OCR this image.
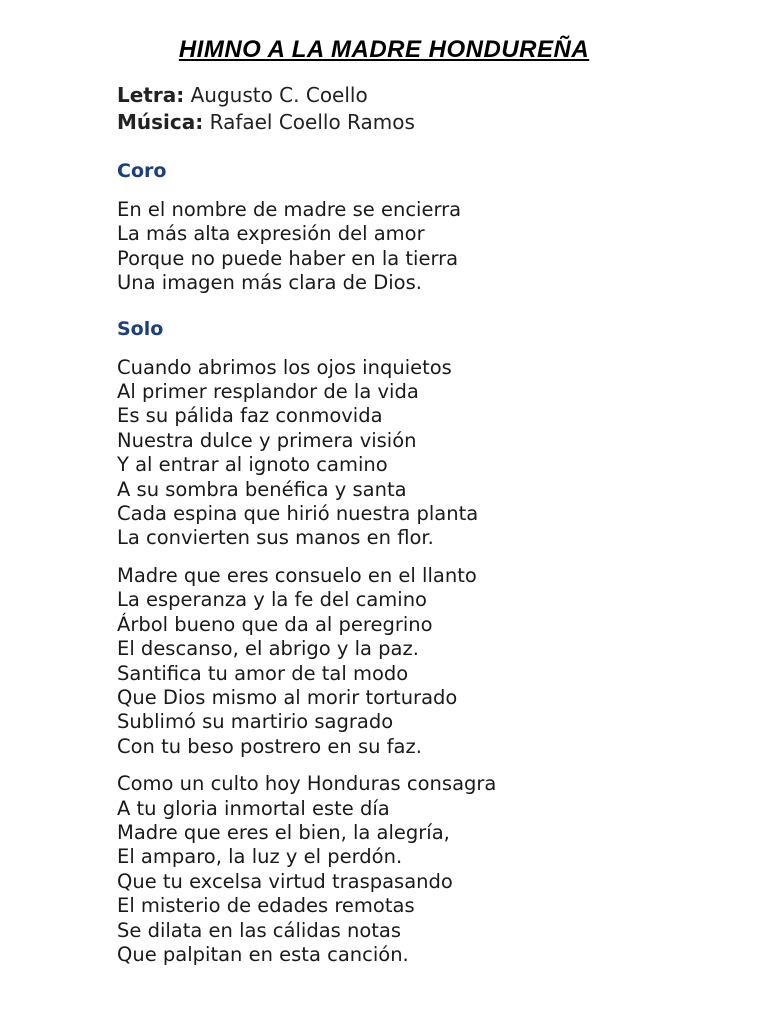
HIMNO A LA MADRE HONDUREÑA
Letra: Augusto C. Coello
Música: Rafael Coello Ramos
Coro
En el nombre de madre se encierra
La más alta expresión del amor
Porque no puede haber en la tierra
Una imagen más clara de Dios.
Solo
Cuando abrimos los ojos inquietos
Al primer resplandor de la vida
Es su pálida faz conmovida
Nuestra dulce y primera visión
Y al entrar al ignoto camino
A su sombra benéfica y santa
Cada espina que hirió nuestra planta
La convierten sus manos en flor.
Madre que eres consuelo en el llanto
La esperanza y la fe del camino
Árbol bueno que da al peregrino
El descanso, el abrigo y la paz.
Santifica tu amor de tal modo
Que Dios mismo al morir torturado
Sublimó su martirio sagrado
Con tu beso postrero en su faz.
Como un culto hoy Honduras consagra
A tu gloria inmortal este día
Madre que eres el bien, la alegría,
El amparo, la luz y el perdón.
Que tu excelsa virtud traspasando
El misterio de edades remotas
Se dilata en las cálidas notas
Que palpitan en esta canción.
